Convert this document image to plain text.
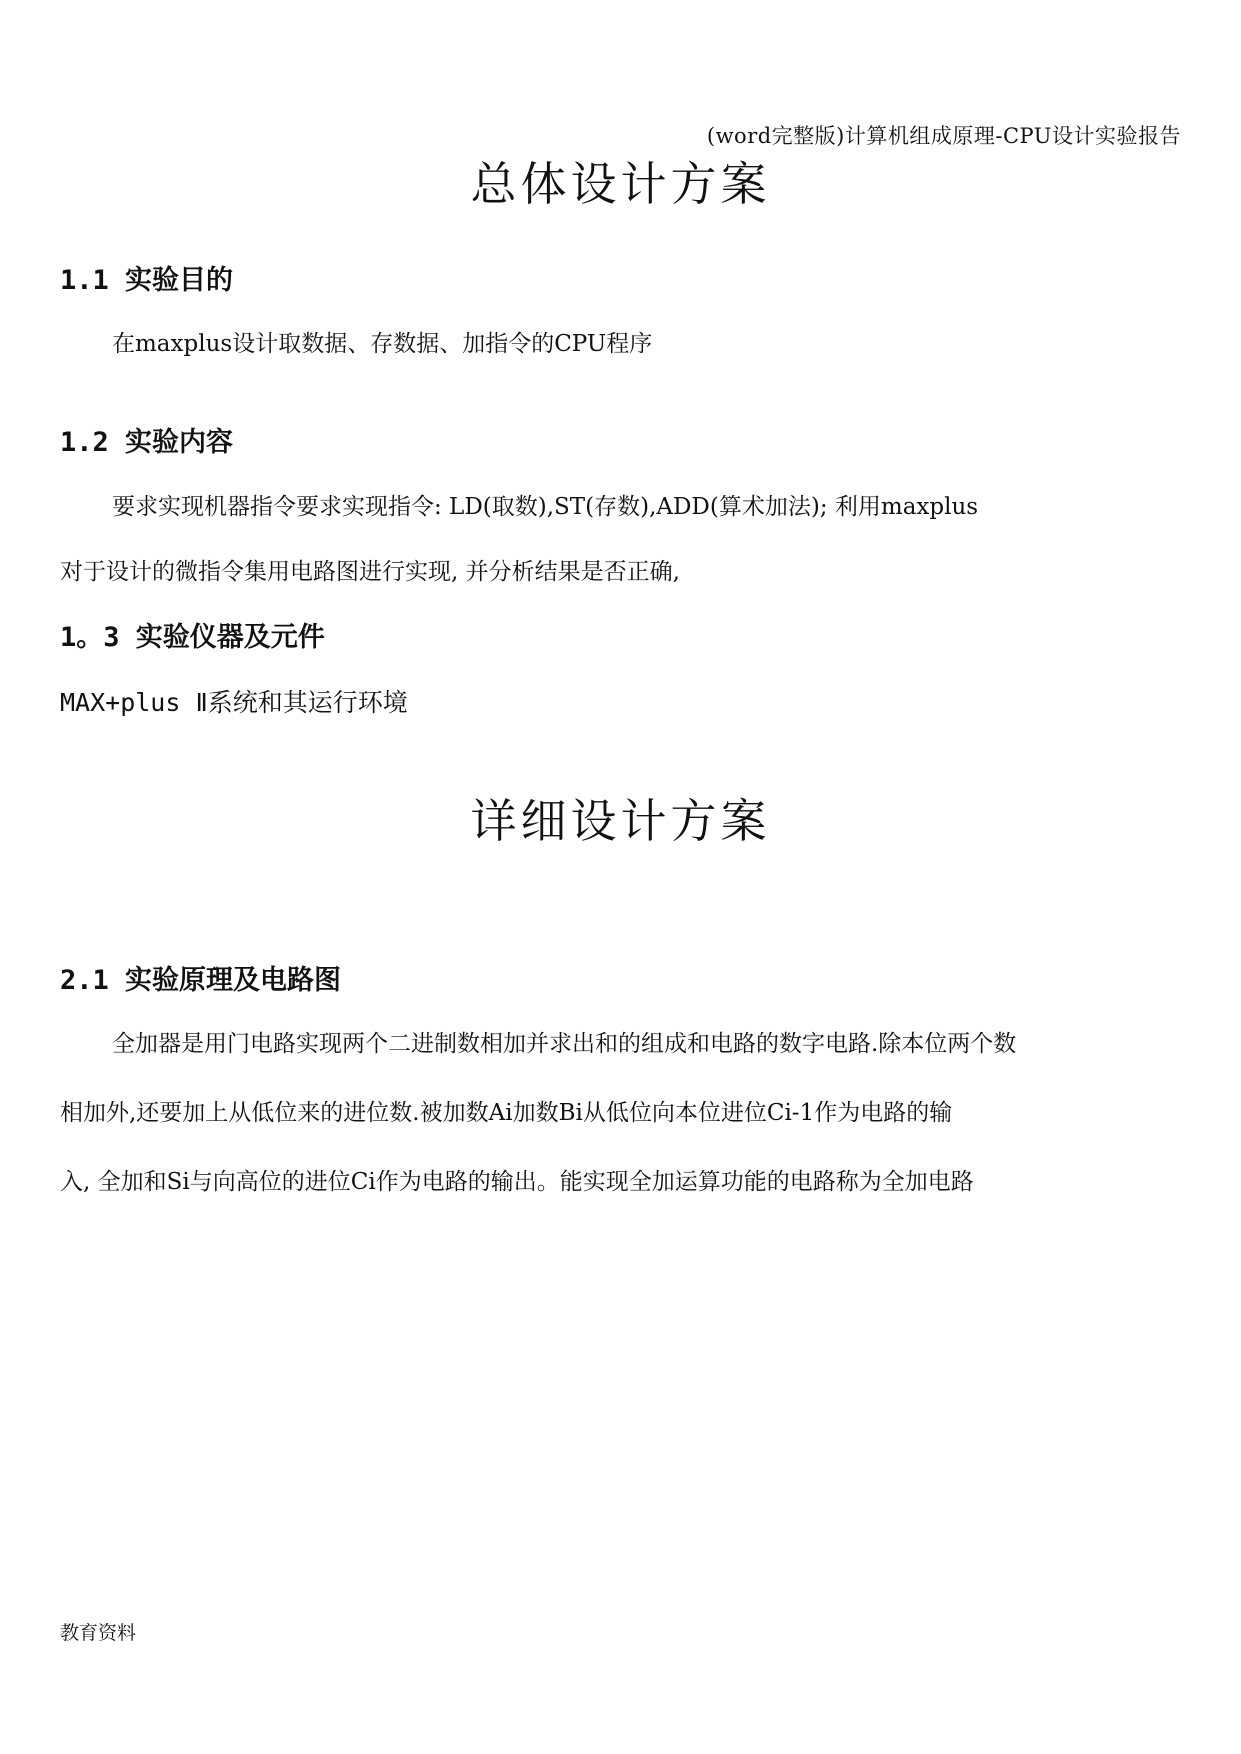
(word完整版)计算机组成原理-CPU设计实验报告
总体设计方案
1.1 实验目的

在maxplus设计取数据、存数据、加指令的CPU程序

1.2 实验内容

要求实现机器指令要求实现指令: LD(取数),ST(存数),ADD(算术加法); 利用maxplus
对于设计的微指令集用电路图进行实现, 并分析结果是否正确,

1。3 实验仪器及元件

MAX+plus Ⅱ系统和其运行环境

详细设计方案
2.1 实验原理及电路图

全加器是用门电路实现两个二进制数相加并求出和的组成和电路的数字电路.除本位两个数
相加外,还要加上从低位来的进位数.被加数Ai加数Bi从低位向本位进位Ci-1作为电路的输
入, 全加和Si与向高位的进位Ci作为电路的输出。能实现全加运算功能的电路称为全加电路

教育资料
